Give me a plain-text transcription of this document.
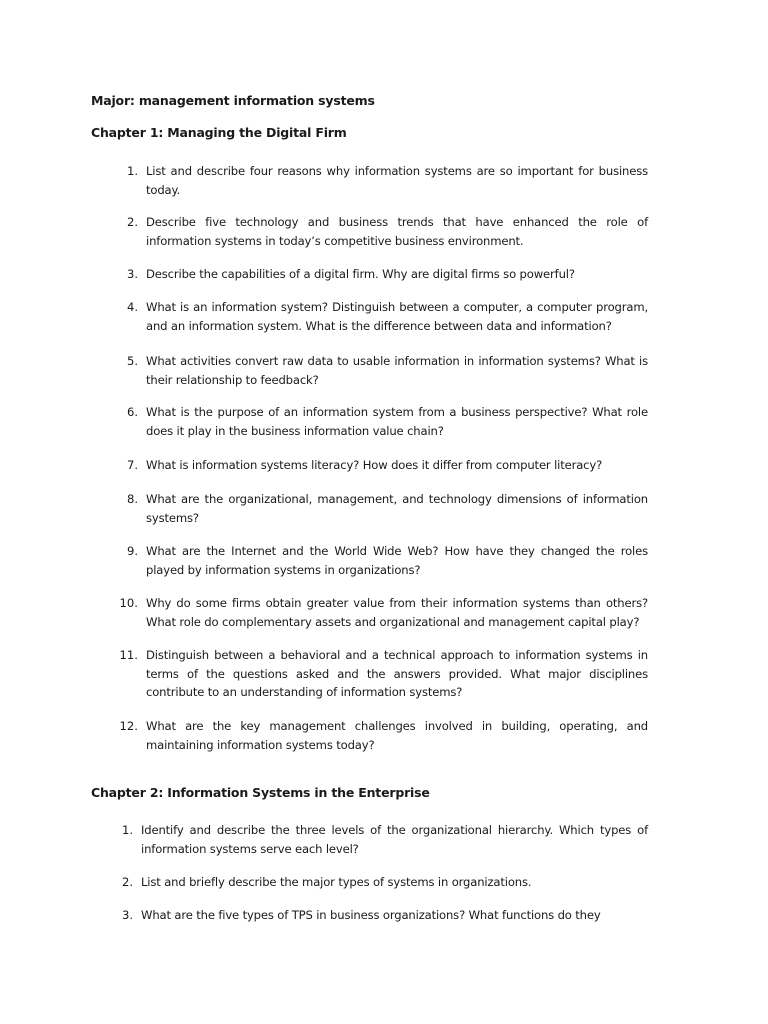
Major: management information systems
Chapter 1: Managing the Digital Firm
1. List and describe four reasons why information systems are so important for business today.
2. Describe five technology and business trends that have enhanced the role of information systems in today’s competitive business environment.
3. Describe the capabilities of a digital firm. Why are digital firms so powerful?
4. What is an information system? Distinguish between a computer, a computer program, and an information system. What is the difference between data and information?
5. What activities convert raw data to usable information in information systems? What is their relationship to feedback?
6. What is the purpose of an information system from a business perspective? What role does it play in the business information value chain?
7. What is information systems literacy? How does it differ from computer literacy?
8. What are the organizational, management, and technology dimensions of information systems?
9. What are the Internet and the World Wide Web? How have they changed the roles played by information systems in organizations?
10. Why do some firms obtain greater value from their information systems than others? What role do complementary assets and organizational and management capital play?
11. Distinguish between a behavioral and a technical approach to information systems in terms of the questions asked and the answers provided. What major disciplines contribute to an understanding of information systems?
12. What are the key management challenges involved in building, operating, and maintaining information systems today?
Chapter 2: Information Systems in the Enterprise
1. Identify and describe the three levels of the organizational hierarchy. Which types of information systems serve each level?
2. List and briefly describe the major types of systems in organizations.
3. What are the five types of TPS in business organizations? What functions do they
